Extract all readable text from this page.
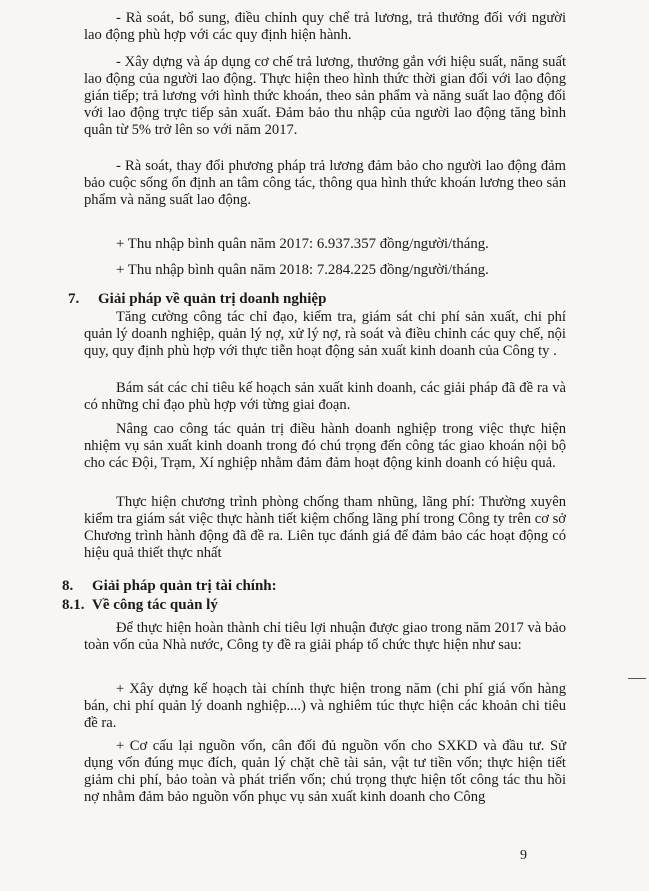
- Rà soát, bổ sung, điều chỉnh quy chế trả lương, trả thưởng đối với người lao động phù hợp với các quy định hiện hành.

- Xây dựng và áp dụng cơ chế trả lương, thưởng gắn với hiệu suất, năng suất lao động của người lao động. Thực hiện theo hình thức thời gian đối với lao động gián tiếp; trả lương với hình thức khoán, theo sản phẩm và năng suất lao động đối với lao động trực tiếp sản xuất. Đảm bảo thu nhập của người lao động tăng bình quân từ 5% trở lên so với năm 2017.

- Rà soát, thay đổi phương pháp trả lương đảm bảo cho người lao động đảm bảo cuộc sống ổn định an tâm công tác, thông qua hình thức khoán lương theo sản phẩm và năng suất lao động.

+ Thu nhập bình quân năm 2017: 6.937.357 đồng/người/tháng.

+ Thu nhập bình quân năm 2018: 7.284.225 đồng/người/tháng.

7. Giải pháp về quản trị doanh nghiệp

Tăng cường công tác chỉ đạo, kiểm tra, giám sát chi phí sản xuất, chi phí quản lý doanh nghiệp, quản lý nợ, xử lý nợ, rà soát và điều chỉnh các quy chế, nội quy, quy định phù hợp với thực tiễn hoạt động sản xuất kinh doanh của Công ty .

Bám sát các chỉ tiêu kế hoạch sản xuất kinh doanh, các giải pháp đã đề ra và có những chỉ đạo phù hợp với từng giai đoạn.

Nâng cao công tác quản trị điều hành doanh nghiệp trong việc thực hiện nhiệm vụ sản xuất kinh doanh trong đó chú trọng đến công tác giao khoán nội bộ cho các Đội, Trạm, Xí nghiệp nhằm đảm đảm hoạt động kinh doanh có hiệu quả.

Thực hiện chương trình phòng chống tham nhũng, lãng phí: Thường xuyên kiểm tra giám sát việc thực hành tiết kiệm chống lãng phí trong Công ty trên cơ sở Chương trình hành động đã đề ra. Liên tục đánh giá để đảm bảo các hoạt động có hiệu quả thiết thực nhất

8. Giải pháp quản trị tài chính:

8.1. Về công tác quản lý

Để thực hiện hoàn thành chỉ tiêu lợi nhuận được giao trong năm 2017 và bảo toàn vốn của Nhà nước, Công ty đề ra giải pháp tổ chức thực hiện như sau:

+ Xây dựng kế hoạch tài chính thực hiện trong năm (chi phí giá vốn hàng bán, chi phí quản lý doanh nghiệp....) và nghiêm túc thực hiện các khoản chi tiêu đề ra.

+ Cơ cấu lại nguồn vốn, cân đối đủ nguồn vốn cho SXKD và đầu tư. Sử dụng vốn đúng mục đích, quản lý chặt chẽ tài sản, vật tư tiền vốn; thực hiện tiết giảm chi phí, bảo toàn và phát triển vốn; chú trọng thực hiện tốt công tác thu hồi nợ nhằm đảm bảo nguồn vốn phục vụ sản xuất kinh doanh cho Công

9
